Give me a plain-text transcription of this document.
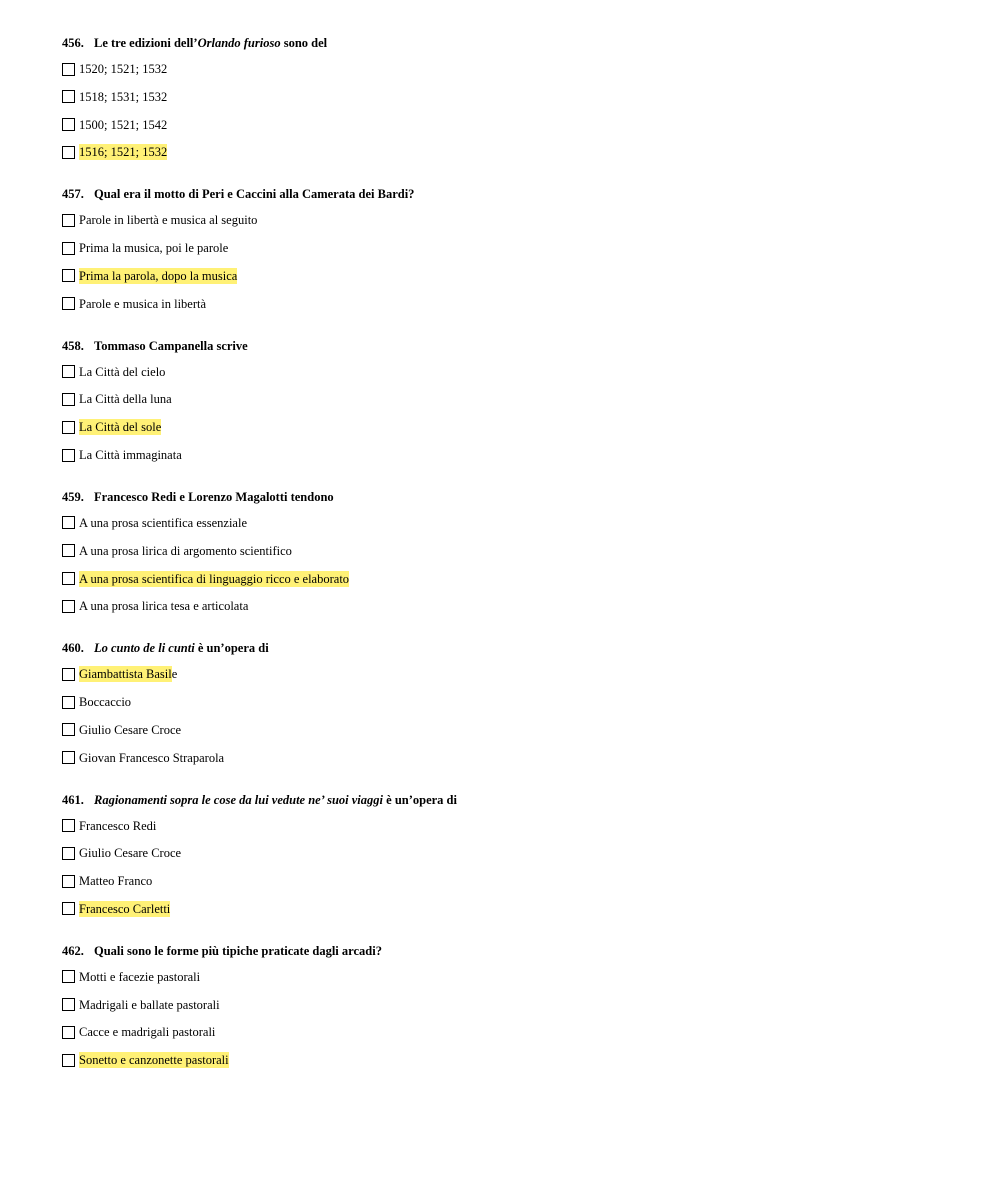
456. Le tre edizioni dell’Orlando furioso sono del
1520; 1521; 1532
1518; 1531; 1532
1500; 1521; 1542
1516; 1521; 1532
457. Qual era il motto di Peri e Caccini alla Camerata dei Bardi?
Parole in libertà e musica al seguito
Prima la musica, poi le parole
Prima la parola, dopo la musica
Parole e musica in libertà
458. Tommaso Campanella scrive
La Città del cielo
La Città della luna
La Città del sole
La Città immaginata
459. Francesco Redi e Lorenzo Magalotti tendono
A una prosa scientifica essenziale
A una prosa lirica di argomento scientifico
A una prosa scientifica di linguaggio ricco e elaborato
A una prosa lirica tesa e articolata
460. Lo cunto de li cunti è un’opera di
Giambattista Basil e
Boccaccio
Giulio Cesare Croce
Giovan Francesco Straparola
461. Ragionamenti sopra le cose da lui vedute ne’ suoi viaggi è un’opera di
Francesco Redi
Giulio Cesare Croce
Matteo Franco
Francesco Carletti
462. Quali sono le forme più tipiche praticate dagli arcadi?
Motti e facezie pastorali
Madrigali e ballate pastorali
Cacce e madrigali pastorali
Sonetto e canzonette pastorali
